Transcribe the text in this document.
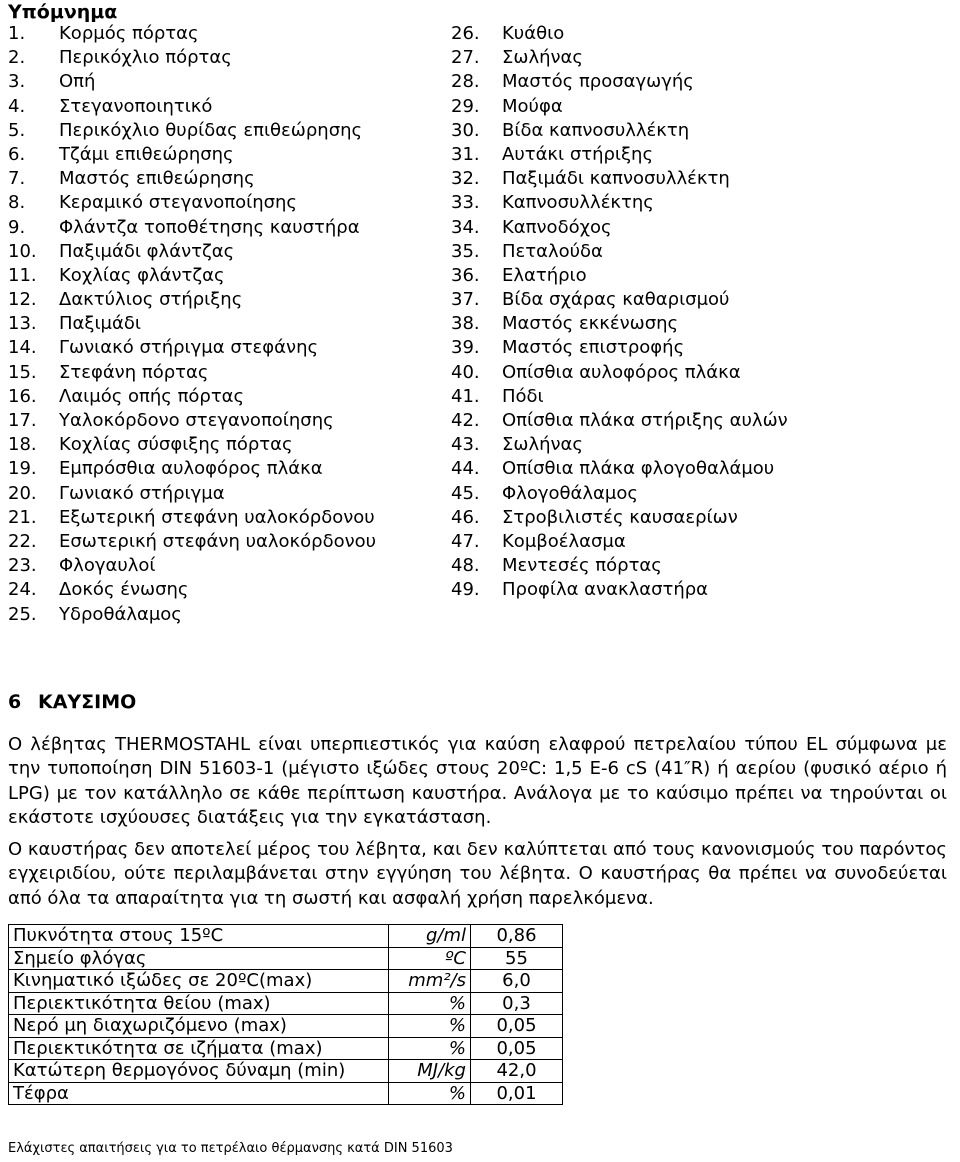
Υπόμνημα
1. Κορμός πόρτας
2. Περικόχλιο πόρτας
3. Οπή
4. Στεγανοποιητικό
5. Περικόχλιο θυρίδας επιθεώρησης
6. Τζάμι επιθεώρησης
7. Μαστός επιθεώρησης
8. Κεραμικό στεγανοποίησης
9. Φλάντζα τοποθέτησης καυστήρα
10. Παξιμάδι φλάντζας
11. Κοχλίας φλάντζας
12. Δακτύλιος στήριξης
13. Παξιμάδι
14. Γωνιακό στήριγμα στεφάνης
15. Στεφάνη πόρτας
16. Λαιμός οπής πόρτας
17. Υαλοκόρδονο στεγανοποίησης
18. Κοχλίας σύσφιξης πόρτας
19. Εμπρόσθια αυλοφόρος πλάκα
20. Γωνιακό στήριγμα
21. Εξωτερική στεφάνη υαλοκόρδονου
22. Εσωτερική στεφάνη υαλοκόρδονου
23. Φλογαυλοί
24. Δοκός ένωσης
25. Υδροθάλαμος
26. Κυάθιο
27. Σωλήνας
28. Μαστός προσαγωγής
29. Μούφα
30. Βίδα καπνοσυλλέκτη
31. Αυτάκι στήριξης
32. Παξιμάδι καπνοσυλλέκτη
33. Καπνοσυλλέκτης
34. Καπνοδόχος
35. Πεταλούδα
36. Ελατήριο
37. Βίδα σχάρας καθαρισμού
38. Μαστός εκκένωσης
39. Μαστός επιστροφής
40. Οπίσθια αυλοφόρος πλάκα
41. Πόδι
42. Οπίσθια πλάκα στήριξης αυλών
43. Σωλήνας
44. Οπίσθια πλάκα φλογοθαλάμου
45. Φλογοθάλαμος
46. Στροβιλιστές καυσαερίων
47. Κομβοέλασμα
48. Μεντεσές πόρτας
49. Προφίλα ανακλαστήρα
6 ΚΑΥΣΙΜΟ

Ο λέβητας THERMOSTAHL είναι υπερπιεστικός για καύση ελαφρού πετρελαίου τύπου EL σύμφωνα με την τυποποίηση DIN 51603-1 (μέγιστο ιξώδες στους 20ºC: 1,5 E-6 cS (41″R) ή αερίου (φυσικό αέριο ή LPG) με τον κατάλληλο σε κάθε περίπτωση καυστήρα. Ανάλογα με το καύσιμο πρέπει να τηρούνται οι εκάστοτε ισχύουσες διατάξεις για την εγκατάσταση.

Ο καυστήρας δεν αποτελεί μέρος του λέβητα, και δεν καλύπτεται από τους κανονισμούς του παρόντος εγχειριδίου, ούτε περιλαμβάνεται στην εγγύηση του λέβητα. Ο καυστήρας θα πρέπει να συνοδεύεται από όλα τα απαραίτητα για τη σωστή και ασφαλή χρήση παρελκόμενα.

Πυκνότητα στους 15ºC	g/ml	0,86
Σημείο φλόγας	ºC	55
Κινηματικό ιξώδες σε 20ºC(max)	mm²/s	6,0
Περιεκτικότητα θείου (max)	%	0,3
Νερό μη διαχωριζόμενο (max)	%	0,05
Περιεκτικότητα σε ιζήματα (max)	%	0,05
Κατώτερη θερμογόνος δύναμη (min)	MJ/kg	42,0
Τέφρα	%	0,01
Ελάχιστες απαιτήσεις για το πετρέλαιο θέρμανσης κατά DIN 51603
